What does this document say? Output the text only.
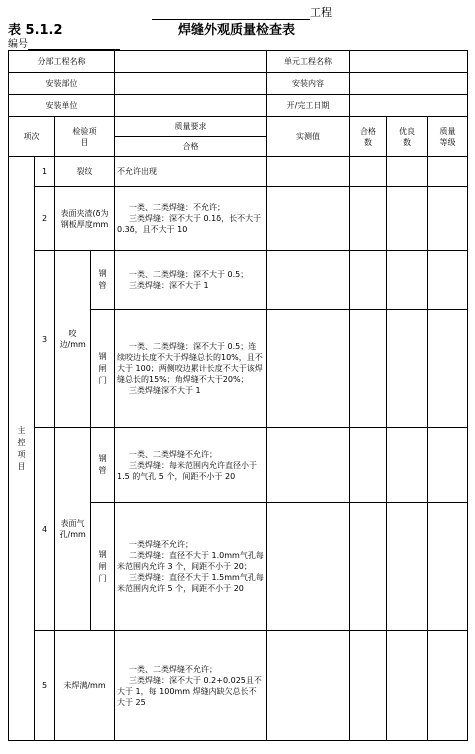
工程
表 5.1.2	焊缝外观质量检查表
编号
分部工程名称					单元工程名称			
安装部位					安装内容			
安装单位					开/完工日期			
项次		检验项目		质量要求	实测值	合格数	优良数	质量等级

				合格				

主控项目	1	裂纹		不允许出现				

	2	表面夹渣(δ为钢板厚度mm		一类、二类焊缝：不允许；

三类焊缝：深不大于 0.1δ，长不大于0.3δ，且不大于 10				

	3	咬边/mm	钢管	一类、二类焊缝：深不大于 0.5；

三类焊缝：深不大于 1				

			钢闸门	一类、二类焊缝：深不大于 0.5；连续咬边长度不大于焊缝总长的10%，且不大于 100；两侧咬边累计长度不大于该焊缝总长的15%；角焊缝不大于20%；

三类焊缝深不大于 1				

	4	表面气孔/mm	钢管	一类、二类焊缝不允许；

三类焊缝：每米范围内允许直径小于 1.5 的气孔 5 个，间距不小于 20				

			钢闸门	一类焊缝不允许；

二类焊缝：直径不大于 1.0mm气孔每米范围内允许 3 个，间距不小于 20；

三类焊缝：直径不大于 1.5mm气孔每米范围内允许 5 个，间距不小于 20				

	5	未焊满/mm		一类、二类焊缝不允许；

三类焊缝：深不大于 0.2+0.025且不大于 1，每 100mm 焊缝内缺欠总长不大于 25				
